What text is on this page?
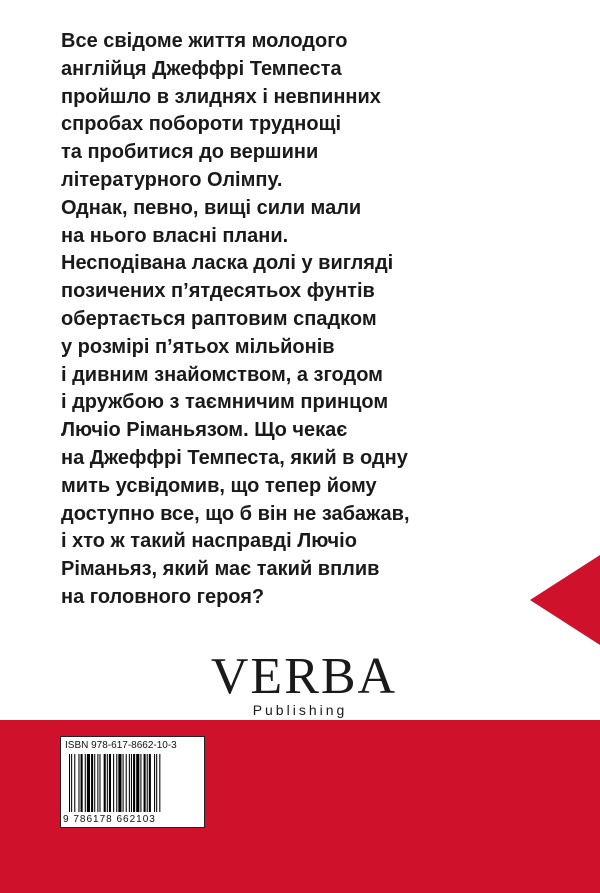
Все свідоме життя молодого
англійця Джеффрі Темпеста
пройшло в злиднях і невпинних
спробах побороти труднощі
та пробитися до вершини
літературного Олімпу.
Однак, певно, вищі сили мали
на нього власні плани.
Несподівана ласка долі у вигляді
позичених п’ятдесятьох фунтів
обертається раптовим спадком
у розмірі п’ятьох мільйонів
і дивним знайомством, а згодом
і дружбою з таємничим принцом
Лючіо Ріманьязом. Що чекає
на Джеффрі Темпеста, який в одну
мить усвідомив, що тепер йому
доступно все, що б він не забажав,
і хто ж такий насправді Лючіо
Ріманьяз, який має такий вплив
на головного героя?
VERBA
Publishing
ISBN 978-617-8662-10-3
9 786178 662103
